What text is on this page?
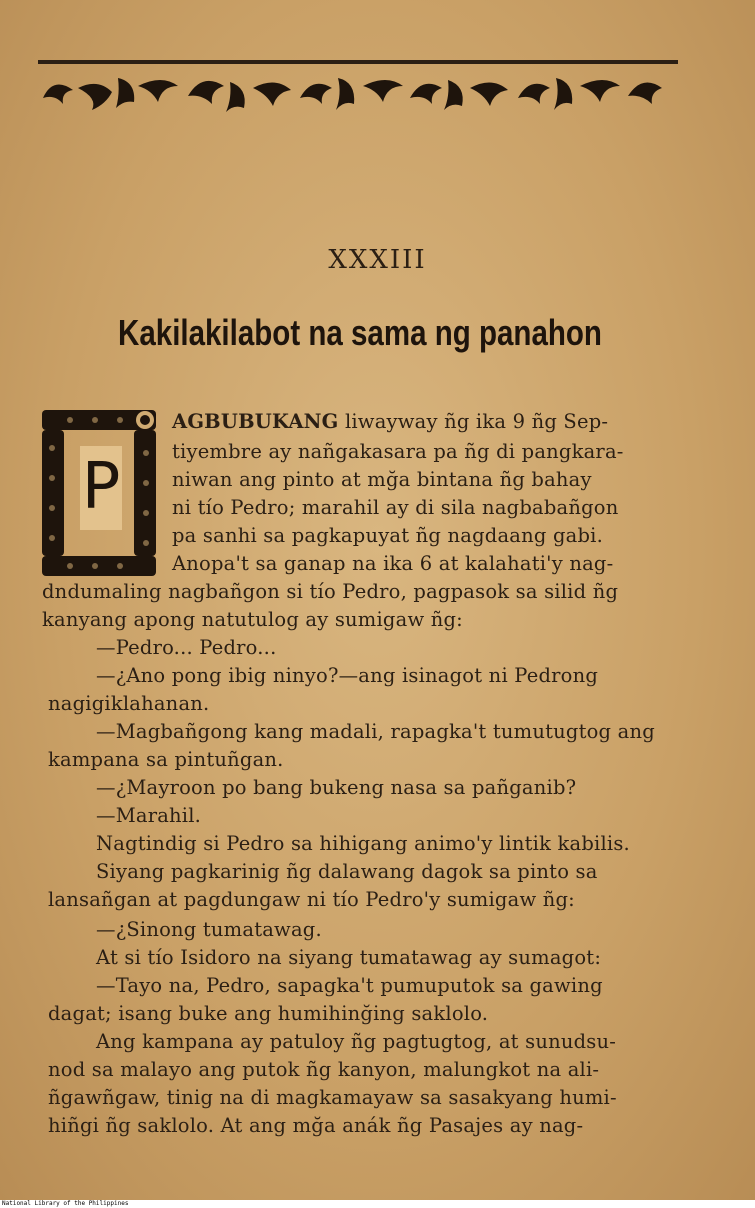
XXXIII
Kakilakilabot na sama ng panahon
P
AGBUBUKANG liwayway ñg ika 9 ñg Sep-
tiyembre ay nañgakasara pa ñg di pangkara-
niwan ang pinto at mğa bintana ñg bahay
ni tío Pedro; marahil ay di sila nagbabañgon
pa sanhi sa pagkapuyat ñg nagdaang gabi.
Anopa't sa ganap na ika 6 at kalahati'y nag-
dndumaling nagbañgon si tío Pedro, pagpasok sa silid ñg
kanyang apong natutulog ay sumigaw ñg:
—Pedro... Pedro...
—¿Ano pong ibig ninyo?—ang isinagot ni Pedrong
nagigiklahanan.
—Magbañgong kang madali, rapagka't tumutugtog ang
kampana sa pintuñgan.
—¿Mayroon po bang bukeng nasa sa pañganib?
—Marahil.
Nagtindig si Pedro sa hihigang animo'y lintik kabilis.
Siyang pagkarinig ñg dalawang dagok sa pinto sa
lansañgan at pagdungaw ni tío Pedro'y sumigaw ñg:
—¿Sinong tumatawag.
At si tío Isidoro na siyang tumatawag ay sumagot:
—Tayo na, Pedro, sapagka't pumuputok sa gawing
dagat; isang buke ang humihinğing saklolo.
Ang kampana ay patuloy ñg pagtugtog, at sunudsu-
nod sa malayo ang putok ñg kanyon, malungkot na ali-
ñgawñgaw, tinig na di magkamayaw sa sasakyang humi-
hiñgi ñg saklolo. At ang mğa anák ñg Pasajes ay nag-
National Library of the Philippines
